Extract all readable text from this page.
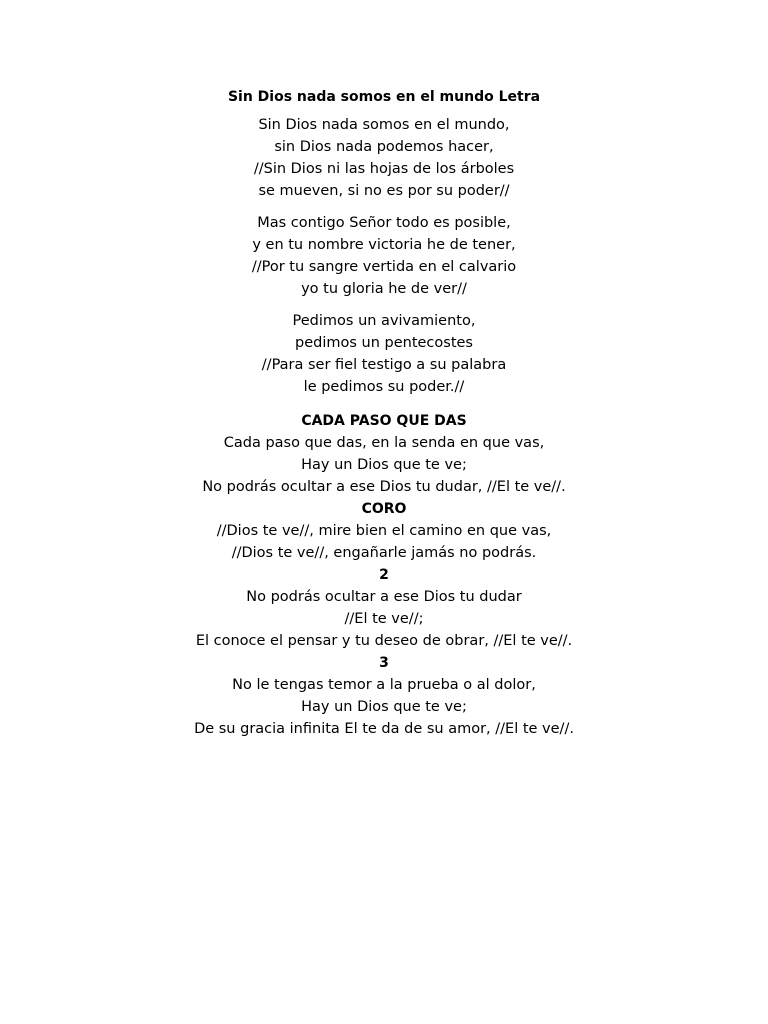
Sin Dios nada somos en el mundo Letra

Sin Dios nada somos en el mundo,

sin Dios nada podemos hacer,

//Sin Dios ni las hojas de los árboles

se mueven, si no es por su poder//

Mas contigo Señor todo es posible,

y en tu nombre victoria he de tener,

//Por tu sangre vertida en el calvario

yo tu gloria he de ver//

Pedimos un avivamiento,

pedimos un pentecostes

//Para ser fiel testigo a su palabra

le pedimos su poder.//

CADA PASO QUE DAS

Cada paso que das, en la senda en que vas,

Hay un Dios que te ve;

No podrás ocultar a ese Dios tu dudar, //El te ve//.

CORO

//Dios te ve//, mire bien el camino en que vas,

//Dios te ve//, engañarle jamás no podrás.

2

No podrás ocultar a ese Dios tu dudar

//El te ve//;

El conoce el pensar y tu deseo de obrar, //El te ve//.

3

No le tengas temor a la prueba o al dolor,

Hay un Dios que te ve;

De su gracia infinita El te da de su amor, //El te ve//.
